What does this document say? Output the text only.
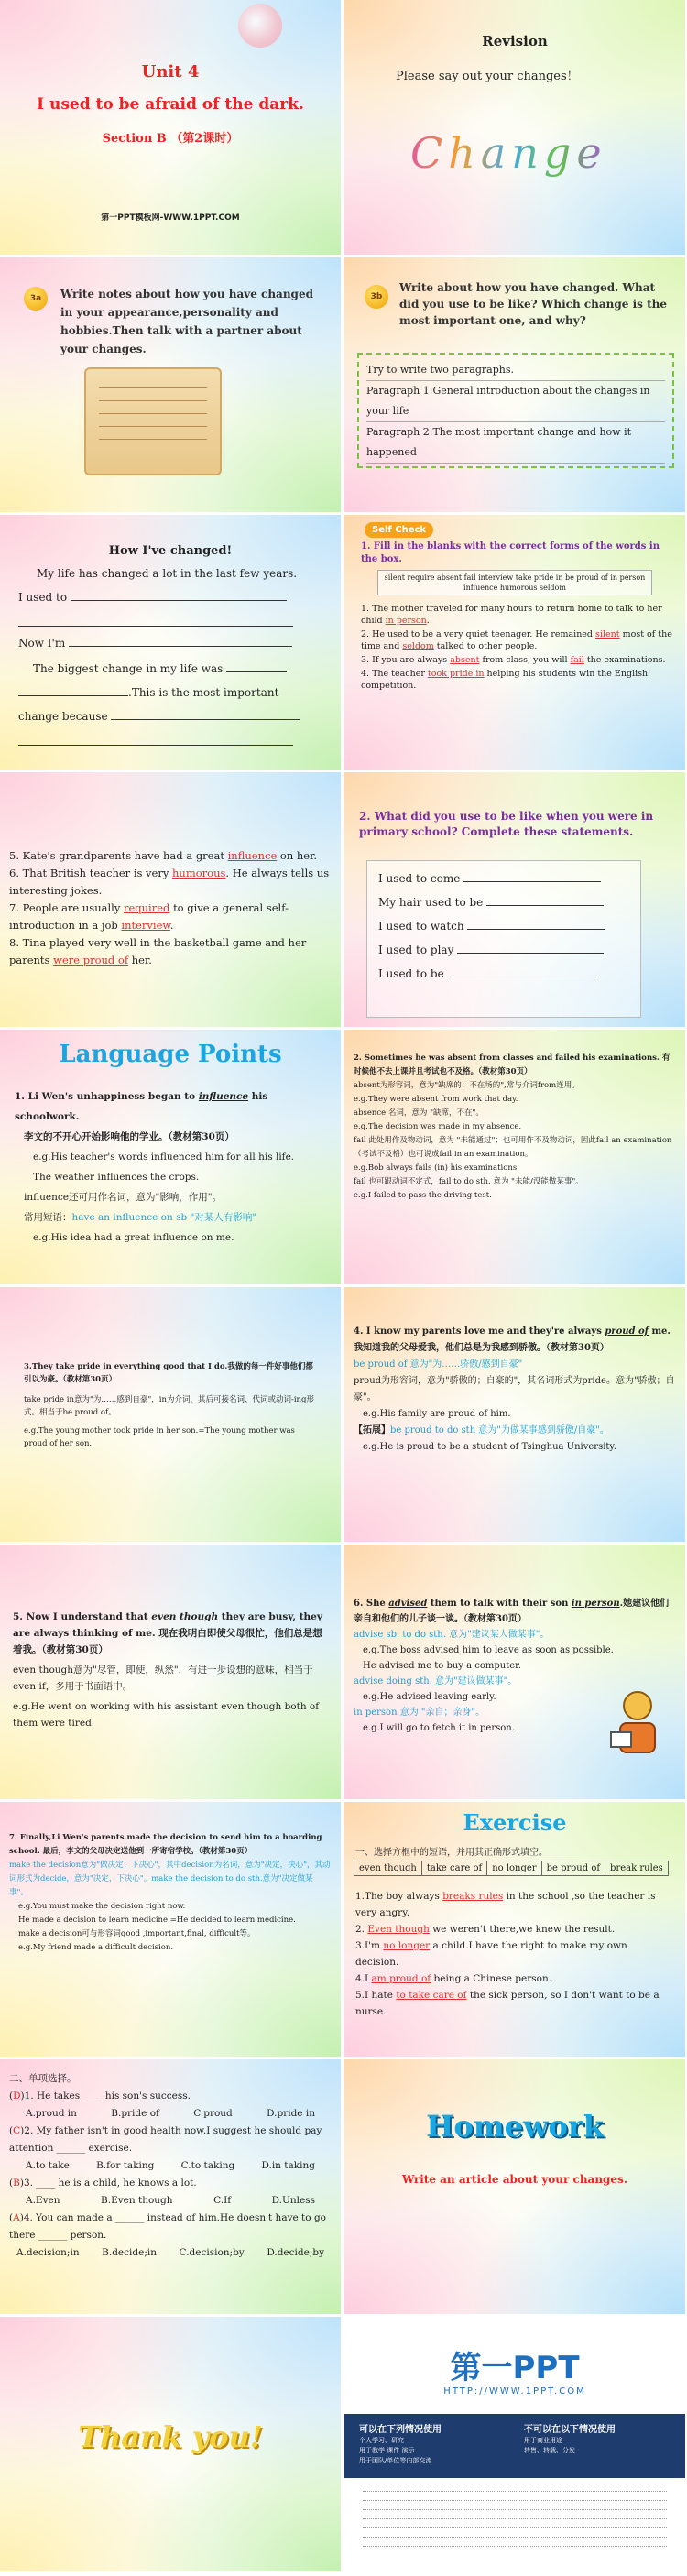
Unit 4
I used to be afraid of the dark.
Section B （第2课时）
第一PPT模板网-WWW.1PPT.COM
Revision
Please say out your changes！
Change
3a	Write notes about how you have changed in your appearance,personality and hobbies.Then talk with a partner about your changes.
3b
Write about how you have changed. What did you use to be like? Which change is the most important one, and why?
Try to write two paragraphs.
Paragraph 1:General introduction about the changes in your life
Paragraph 2:The most important change and how it happened
How I've changed!
My life has changed a lot in the last few years.
I used to
Now I'm
The biggest change in my life was
.This is the most important
change because
Self Check
1. Fill in the blanks with the correct forms of the words in the box.
silent require absent fail interview take pride in be proud of in person influence humorous seldom
1. The mother traveled for many hours to return home to talk to her child in person.
2. He used to be a very quiet teenager. He remained silent most of the time and seldom talked to other people.
3. If you are always absent from class, you will fail the examinations.
4. The teacher took pride in helping his students win the English competition.
5. Kate's grandparents have had a great influence on her.
6. That British teacher is very humorous. He always tells us interesting jokes.
7. People are usually required to give a general self-introduction in a job interview.
8. Tina played very well in the basketball game and her parents were proud of her.
2. What did you use to be like when you were in primary school? Complete these statements.
I used to come
My hair used to be
I used to watch
I used to play
I used to be
Language Points
1. Li Wen's unhappiness began to influence his schoolwork.
李文的不开心开始影响他的学业。（教材第30页）
e.g.His teacher's words influenced him for all his life.
The weather influences the crops.
influence还可用作名词，意为"影响，作用"。
常用短语：have an influence on sb "对某人有影响"
e.g.His idea had a great influence on me.
2. Sometimes he was absent from classes and failed his examinations. 有时候他不去上课并且考试也不及格。（教材第30页）
absent为形容词，意为"缺席的；不在场的",常与介词from连用。
e.g.They were absent from work that day.
absence 名词，意为 "缺席，不在"。
e.g.The decision was made in my absence.
fail 此处用作及物动词，意为 "未能通过"；也可用作不及物动词，因此fail an examination（考试不及格）也可说成fail in an examination。
e.g.Bob always fails (in) his examinations.
fail 也可跟动词不定式，fail to do sth. 意为 "未能/没能做某事"。
e.g.I failed to pass the driving test.
3.They take pride in everything good that I do.我做的每一件好事他们都引以为豪。（教材第30页）
take pride in意为"为……感到自豪"，in为介词，其后可接名词、代词或动词-ing形式。相当于be proud of。
e.g.The young mother took pride in her son.=The young mother was proud of her son.
4. I know my parents love me and they're always proud of me. 我知道我的父母爱我，他们总是为我感到骄傲。（教材第30页）
be proud of 意为"为……骄傲/感到自豪"
proud为形容词，意为"骄傲的；自豪的"，其名词形式为pride。意为"骄傲；自豪"。
e.g.His family are proud of him.
【拓展】be proud to do sth 意为"为做某事感到骄傲/自豪"。
e.g.He is proud to be a student of Tsinghua University.
5. Now I understand that even though they are busy, they are always thinking of me. 现在我明白即使父母很忙，他们总是想着我。（教材第30页）
even though意为"尽管，即使，纵然"，有进一步设想的意味，相当于even if，多用于书面语中。
e.g.He went on working with his assistant even though both of them were tired.
6. She advised them to talk with their son in person.她建议他们亲自和他们的儿子谈一谈。（教材第30页）
advise sb. to do sth. 意为"建议某人做某事"。
e.g.The boss advised him to leave as soon as possible.
He advised me to buy a computer.
advise doing sth. 意为"建议做某事"。
e.g.He advised leaving early.
in person 意为 "亲自；亲身"。
e.g.I will go to fetch it in person.
7. Finally,Li Wen's parents made the decision to send him to a boarding school. 最后，李文的父母决定送他到一所寄宿学校。（教材第30页）
make the decision意为"做决定；下决心"，其中decision为名词，意为"决定，决心"，其动词形式为decide，意为"决定，下决心"。make the decision to do sth.意为"决定做某事"。
e.g.You must make the decision right now.
He made a decision to learn medicine.=He decided to learn medicine.
make a decision可与形容词good ,important,final, difficult等。
e.g.My friend made a difficult decision.
Exercise
一、选择方框中的短语，并用其正确形式填空。
even though	take care of	no longer	be proud of	break rules
1.The boy always breaks rules in the school ,so the teacher is very angry.
2. Even though we weren't there,we knew the result.
3.I'm no longer a child.I have the right to make my own decision.
4.I am proud of being a Chinese person.
5.I hate to take care of the sick person, so I don't want to be a nurse.
二、单项选择。
(D)1. He takes ____ his son's success.
A.proud in	B.pride of	C.proud	D.pride in
(C)2. My father isn't in good health now.I suggest he should pay attention ______ exercise.
A.to take	B.for taking	C.to taking	D.in taking
(B)3. ____ he is a child, he knows a lot.
A.Even	B.Even though	C.If	D.Unless
(A)4. You can made a ______ instead of him.He doesn't have to go there ______ person.
A.decision;in B.decide;in C.decision;by D.decide;by
Homework
Write an article about your changes.
Thank you!
第一PPT
HTTP://WWW.1PPT.COM
可以在下列情况使用
个人学习、研究
用于教学 课件 演示
用于团队/单位等内部交流
不可以在以下情况使用
用于商业用途
转售、转载、分发
